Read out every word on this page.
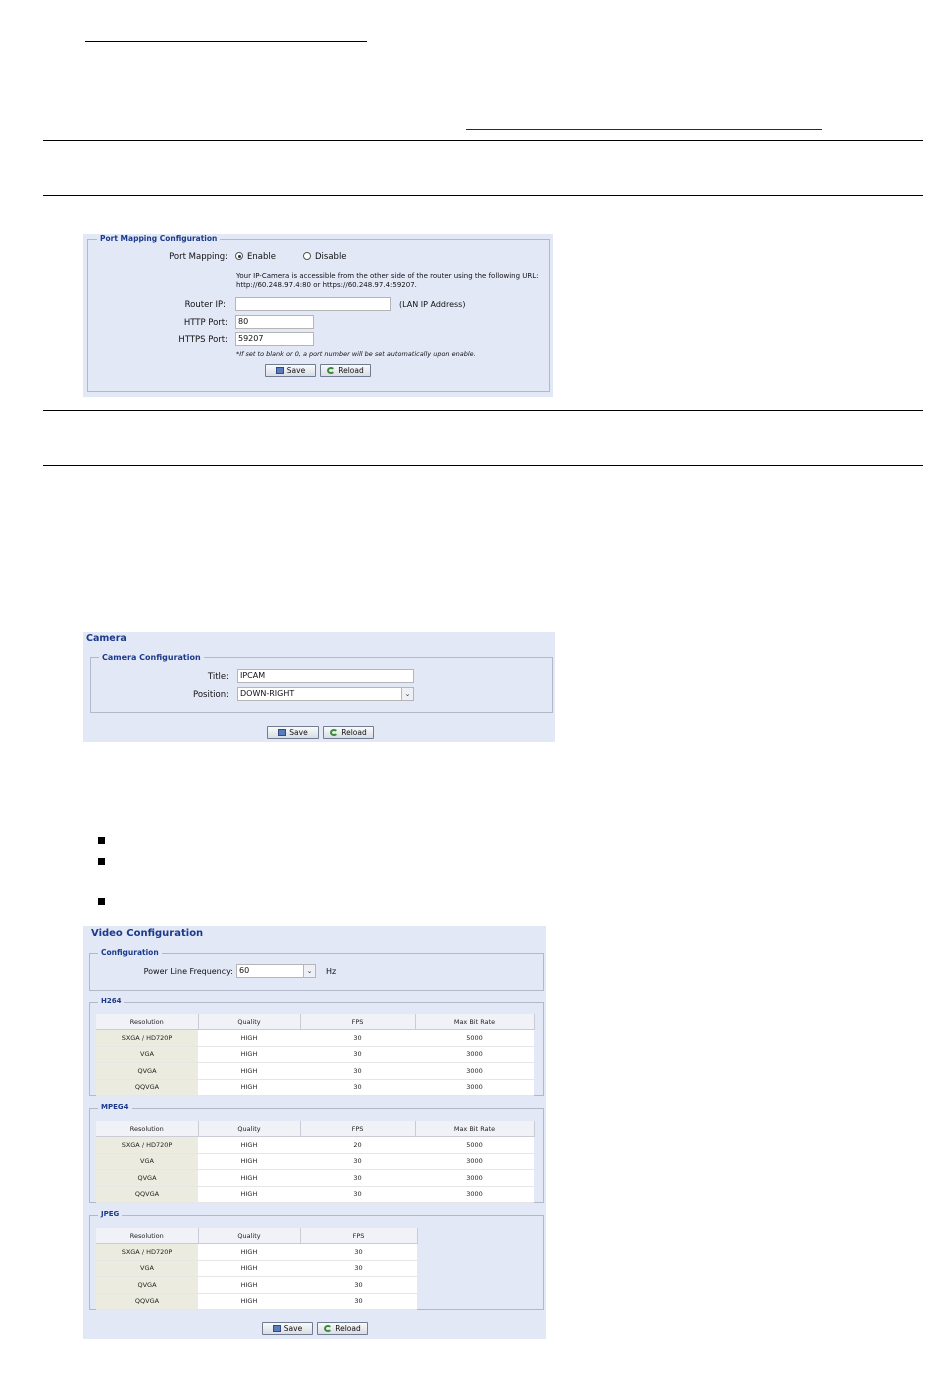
Port Mapping Configuration
Port Mapping:	Enable	Disable
Your IP-Camera is accessible from the other side of the router using the following URL:
http://60.248.97.4:80 or https://60.248.97.4:59207.
Router IP:	(LAN IP Address)
HTTP Port:	80
HTTPS Port:	59207
*If set to blank or 0, a port number will be set automatically upon enable.
Save	Reload
Camera
Camera Configuration
Title:	IPCAM
Position:	DOWN-RIGHT	⌄
Save	Reload
Video Configuration
Configuration
Power Line Frequency: 60	⌄	Hz
H264
Resolution	Quality	FPS	Max Bit Rate
SXGA / HD720P	HIGH	30	5000
VGA	HIGH	30	3000
QVGA	HIGH	30	3000
QQVGA	HIGH	30	3000
MPEG4
Resolution	Quality	FPS	Max Bit Rate
SXGA / HD720P	HIGH	20	5000
VGA	HIGH	30	3000
QVGA	HIGH	30	3000
QQVGA	HIGH	30	3000
JPEG
Resolution	Quality	FPS
SXGA / HD720P	HIGH	30
VGA	HIGH	30
QVGA	HIGH	30
QQVGA	HIGH	30
Save	Reload
